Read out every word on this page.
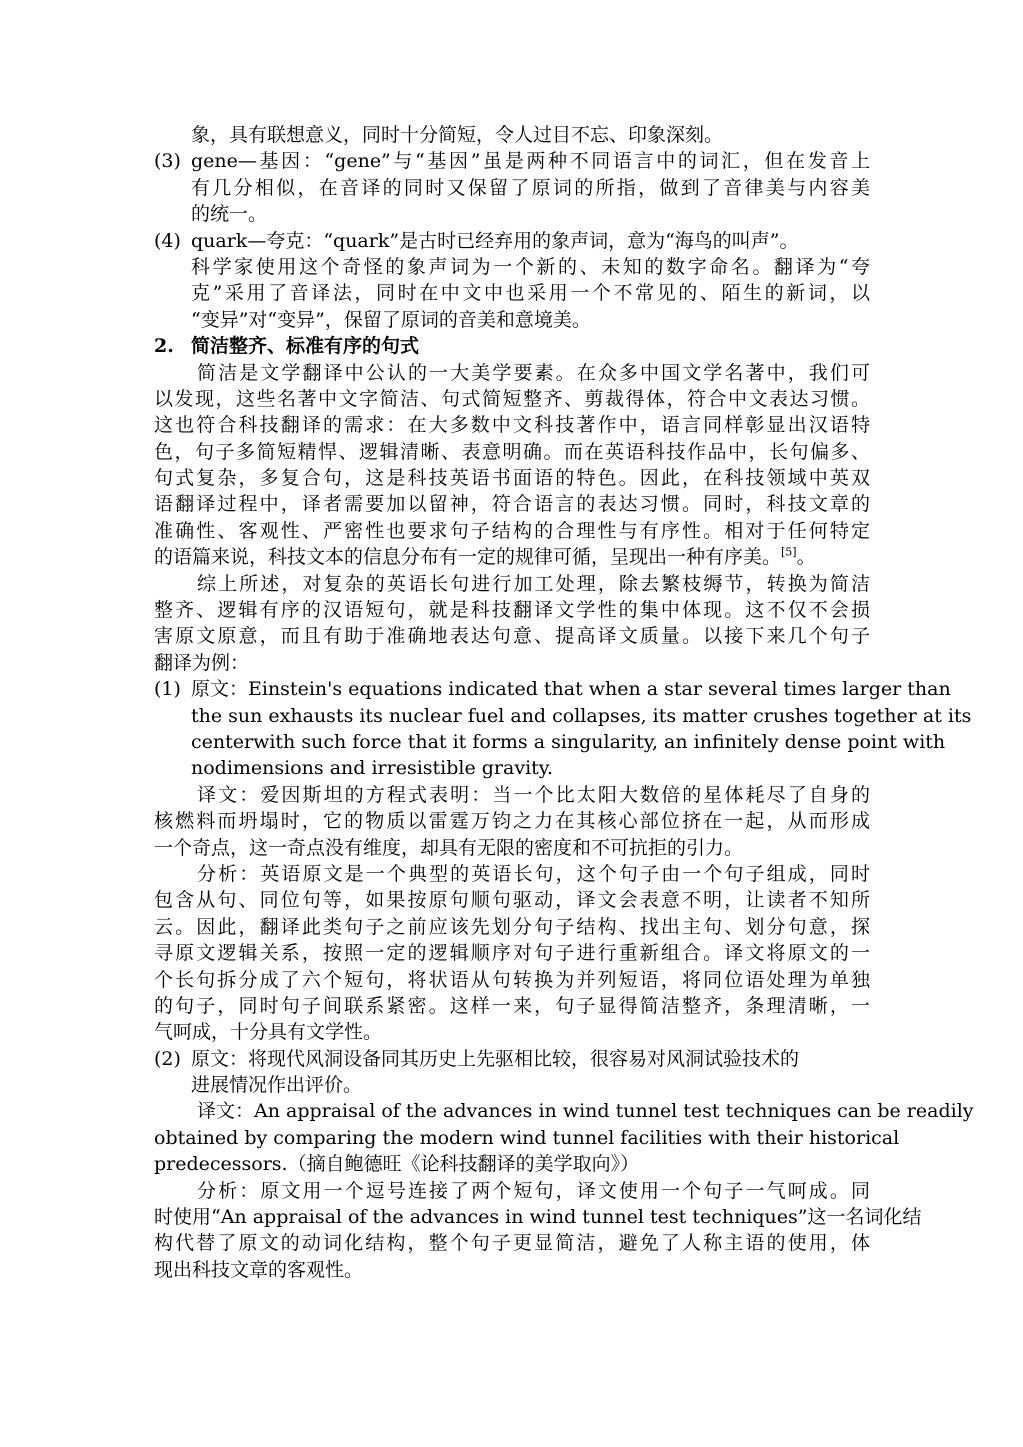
象，具有联想意义，同时十分简短，令人过目不忘、印象深刻。
(3) gene—基因：“gene”与“基因”虽是两种不同语言中的词汇，但在发音上
有几分相似，在音译的同时又保留了原词的所指，做到了音律美与内容美
的统一。
(4) quark—夸克：“quark”是古时已经弃用的象声词，意为“海鸟的叫声”。
科学家使用这个奇怪的象声词为一个新的、未知的数字命名。翻译为“夸
克”采用了音译法，同时在中文中也采用一个不常见的、陌生的新词，以
“变异”对“变异”，保留了原词的音美和意境美。
2. 简洁整齐、标准有序的句式
简洁是文学翻译中公认的一大美学要素。在众多中国文学名著中，我们可
以发现，这些名著中文字简洁、句式简短整齐、剪裁得体，符合中文表达习惯。
这也符合科技翻译的需求：在大多数中文科技著作中，语言同样彰显出汉语特
色，句子多简短精悍、逻辑清晰、表意明确。而在英语科技作品中，长句偏多、
句式复杂，多复合句，这是科技英语书面语的特色。因此，在科技领域中英双
语翻译过程中，译者需要加以留神，符合语言的表达习惯。同时，科技文章的
准确性、客观性、严密性也要求句子结构的合理性与有序性。相对于任何特定
的语篇来说，科技文本的信息分布有一定的规律可循，呈现出一种有序美。[5]。
综上所述，对复杂的英语长句进行加工处理，除去繁枝缛节，转换为简洁
整齐、逻辑有序的汉语短句，就是科技翻译文学性的集中体现。这不仅不会损
害原文原意，而且有助于准确地表达句意、提高译文质量。以接下来几个句子
翻译为例：
(1) 原文：Einstein's equations indicated that when a star several times larger than
the sun exhausts its nuclear fuel and collapses, its matter crushes together at its
centerwith such force that it forms a singularity, an infinitely dense point with
nodimensions and irresistible gravity.
译文：爱因斯坦的方程式表明：当一个比太阳大数倍的星体耗尽了自身的
核燃料而坍塌时，它的物质以雷霆万钧之力在其核心部位挤在一起，从而形成
一个奇点，这一奇点没有维度，却具有无限的密度和不可抗拒的引力。
分析：英语原文是一个典型的英语长句，这个句子由一个句子组成，同时
包含从句、同位句等，如果按原句顺句驱动，译文会表意不明，让读者不知所
云。因此，翻译此类句子之前应该先划分句子结构、找出主句、划分句意，探
寻原文逻辑关系，按照一定的逻辑顺序对句子进行重新组合。译文将原文的一
个长句拆分成了六个短句，将状语从句转换为并列短语，将同位语处理为单独
的句子，同时句子间联系紧密。这样一来，句子显得简洁整齐，条理清晰，一
气呵成，十分具有文学性。
(2) 原文：将现代风洞设备同其历史上先驱相比较，很容易对风洞试验技术的
进展情况作出评价。
译文：An appraisal of the advances in wind tunnel test techniques can be readily
obtained by comparing the modern wind tunnel facilities with their historical
predecessors.（摘自鲍德旺《论科技翻译的美学取向》）
分析：原文用一个逗号连接了两个短句，译文使用一个句子一气呵成。同
时使用“An appraisal of the advances in wind tunnel test techniques”这一名词化结
构代替了原文的动词化结构，整个句子更显简洁，避免了人称主语的使用，体
现出科技文章的客观性。
